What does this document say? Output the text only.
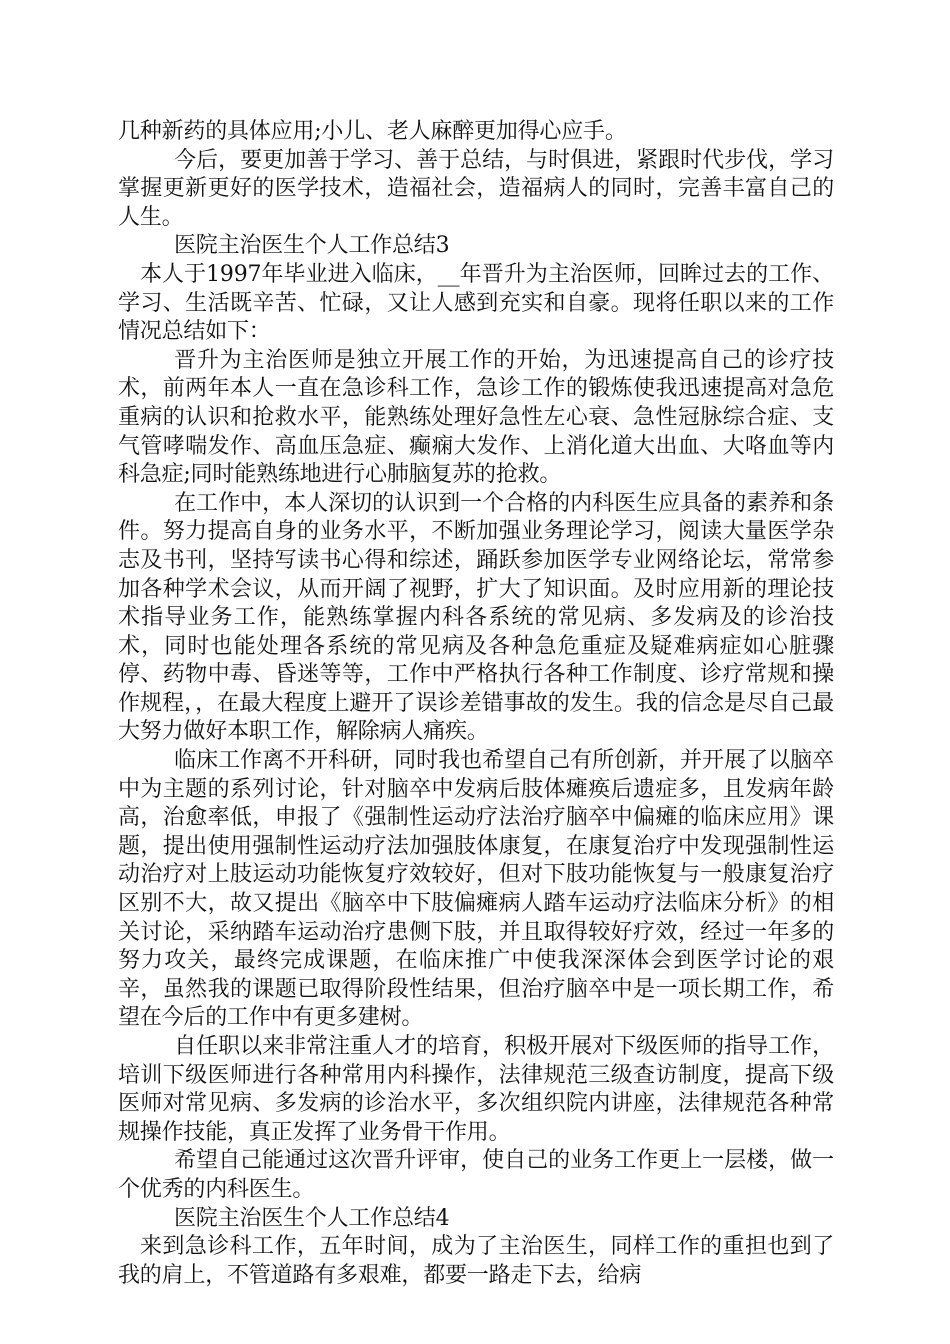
几种新药的具体应用;小儿、老人麻醉更加得心应手。

今后，要更加善于学习、善于总结，与时俱进，紧跟时代步伐，学习掌握更新更好的医学技术，造福社会，造福病人的同时，完善丰富自己的人生。

医院主治医生个人工作总结3

本人于1997年毕业进入临床，__年晋升为主治医师，回眸过去的工作、学习、生活既辛苦、忙碌，又让人感到充实和自豪。现将任职以来的工作情况总结如下：

晋升为主治医师是独立开展工作的开始，为迅速提高自己的诊疗技术，前两年本人一直在急诊科工作，急诊工作的锻炼使我迅速提高对急危重病的认识和抢救水平，能熟练处理好急性左心衰、急性冠脉综合症、支气管哮喘发作、高血压急症、癫痫大发作、上消化道大出血、大咯血等内科急症;同时能熟练地进行心肺脑复苏的抢救。

在工作中，本人深切的认识到一个合格的内科医生应具备的素养和条件。努力提高自身的业务水平，不断加强业务理论学习，阅读大量医学杂志及书刊，坚持写读书心得和综述，踊跃参加医学专业网络论坛，常常参加各种学术会议，从而开阔了视野，扩大了知识面。及时应用新的理论技术指导业务工作，能熟练掌握内科各系统的常见病、多发病及的诊治技术，同时也能处理各系统的常见病及各种急危重症及疑难病症如心脏骤停、药物中毒、昏迷等等，工作中严格执行各种工作制度、诊疗常规和操作规程，，在最大程度上避开了误诊差错事故的发生。我的信念是尽自己最大努力做好本职工作，解除病人痛疾。

临床工作离不开科研，同时我也希望自己有所创新，并开展了以脑卒中为主题的系列讨论，针对脑卒中发病后肢体瘫痪后遗症多，且发病年龄高，治愈率低，申报了《强制性运动疗法治疗脑卒中偏瘫的临床应用》课题，提出使用强制性运动疗法加强肢体康复，在康复治疗中发现强制性运动治疗对上肢运动功能恢复疗效较好，但对下肢功能恢复与一般康复治疗区别不大，故又提出《脑卒中下肢偏瘫病人踏车运动疗法临床分析》的相关讨论，采纳踏车运动治疗患侧下肢，并且取得较好疗效，经过一年多的努力攻关，最终完成课题，在临床推广中使我深深体会到医学讨论的艰辛，虽然我的课题已取得阶段性结果，但治疗脑卒中是一项长期工作，希望在今后的工作中有更多建树。

自任职以来非常注重人才的培育，积极开展对下级医师的指导工作，培训下级医师进行各种常用内科操作，法律规范三级查访制度，提高下级医师对常见病、多发病的诊治水平，多次组织院内讲座，法律规范各种常规操作技能，真正发挥了业务骨干作用。

希望自己能通过这次晋升评审，使自己的业务工作更上一层楼，做一个优秀的内科医生。

医院主治医生个人工作总结4

来到急诊科工作，五年时间，成为了主治医生，同样工作的重担也到了我的肩上，不管道路有多艰难，都要一路走下去，给病
